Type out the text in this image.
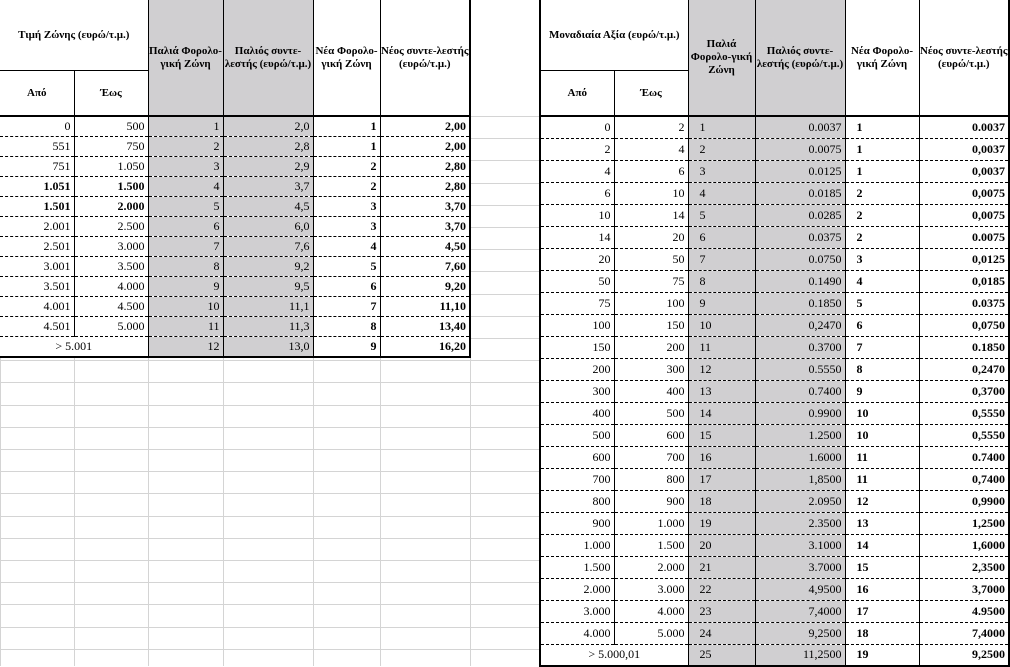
Τιμή Ζώνης (ευρώ/τ.μ.)		Παλιά Φορολο-γική Ζώνη	Παλιός συντε-λεστής (ευρώ/τ.μ.)	Νέα Φορολο-γική Ζώνη	Νέος συντε-λεστής (ευρώ/τ.μ.)
Από	Έως				
0	500	1	2,0	1	2,00
551	750	2	2,8	1	2,00
751	1.050	3	2,9	2	2,80
1.051	1.500	4	3,7	2	2,80
1.501	2.000	5	4,5	3	3,70
2.001	2.500	6	6,0	3	3,70
2.501	3.000	7	7,6	4	4,50
3.001	3.500	8	9,2	5	7,60
3.501	4.000	9	9,5	6	9,20
4.001	4.500	10	11,1	7	11,10
4.501	5.000	11	11,3	8	13,40
> 5.001		12	13,0	9	16,20
Μοναδιαία Αξία (ευρώ/τ.μ.)		Παλιά Φορολο-γική Ζώνη	Παλιός συντε-λεστής (ευρώ/τ.μ.)	Νέα Φορολο-γική Ζώνη	Νέος συντε-λεστής (ευρώ/τ.μ.)
Από	Έως				
0	2	1	0.0037	1	0.0037
2	4	2	0.0075	1	0,0037
4	6	3	0.0125	1	0,0037
6	10	4	0.0185	2	0,0075
10	14	5	0.0285	2	0,0075
14	20	6	0.0375	2	0.0075
20	50	7	0.0750	3	0,0125
50	75	8	0.1490	4	0,0185
75	100	9	0.1850	5	0.0375
100	150	10	0,2470	6	0,0750
150	200	11	0.3700	7	0.1850
200	300	12	0.5550	8	0,2470
300	400	13	0.7400	9	0,3700
400	500	14	0.9900	10	0,5550
500	600	15	1.2500	10	0,5550
600	700	16	1.6000	11	0.7400
700	800	17	1,8500	11	0,7400
800	900	18	2.0950	12	0,9900
900	1.000	19	2.3500	13	1,2500
1.000	1.500	20	3.1000	14	1,6000
1.500	2.000	21	3.7000	15	2,3500
2.000	3.000	22	4,9500	16	3,7000
3.000	4.000	23	7,4000	17	4.9500
4.000	5.000	24	9,2500	18	7,4000
> 5.000,01		25	11,2500	19	9,2500
